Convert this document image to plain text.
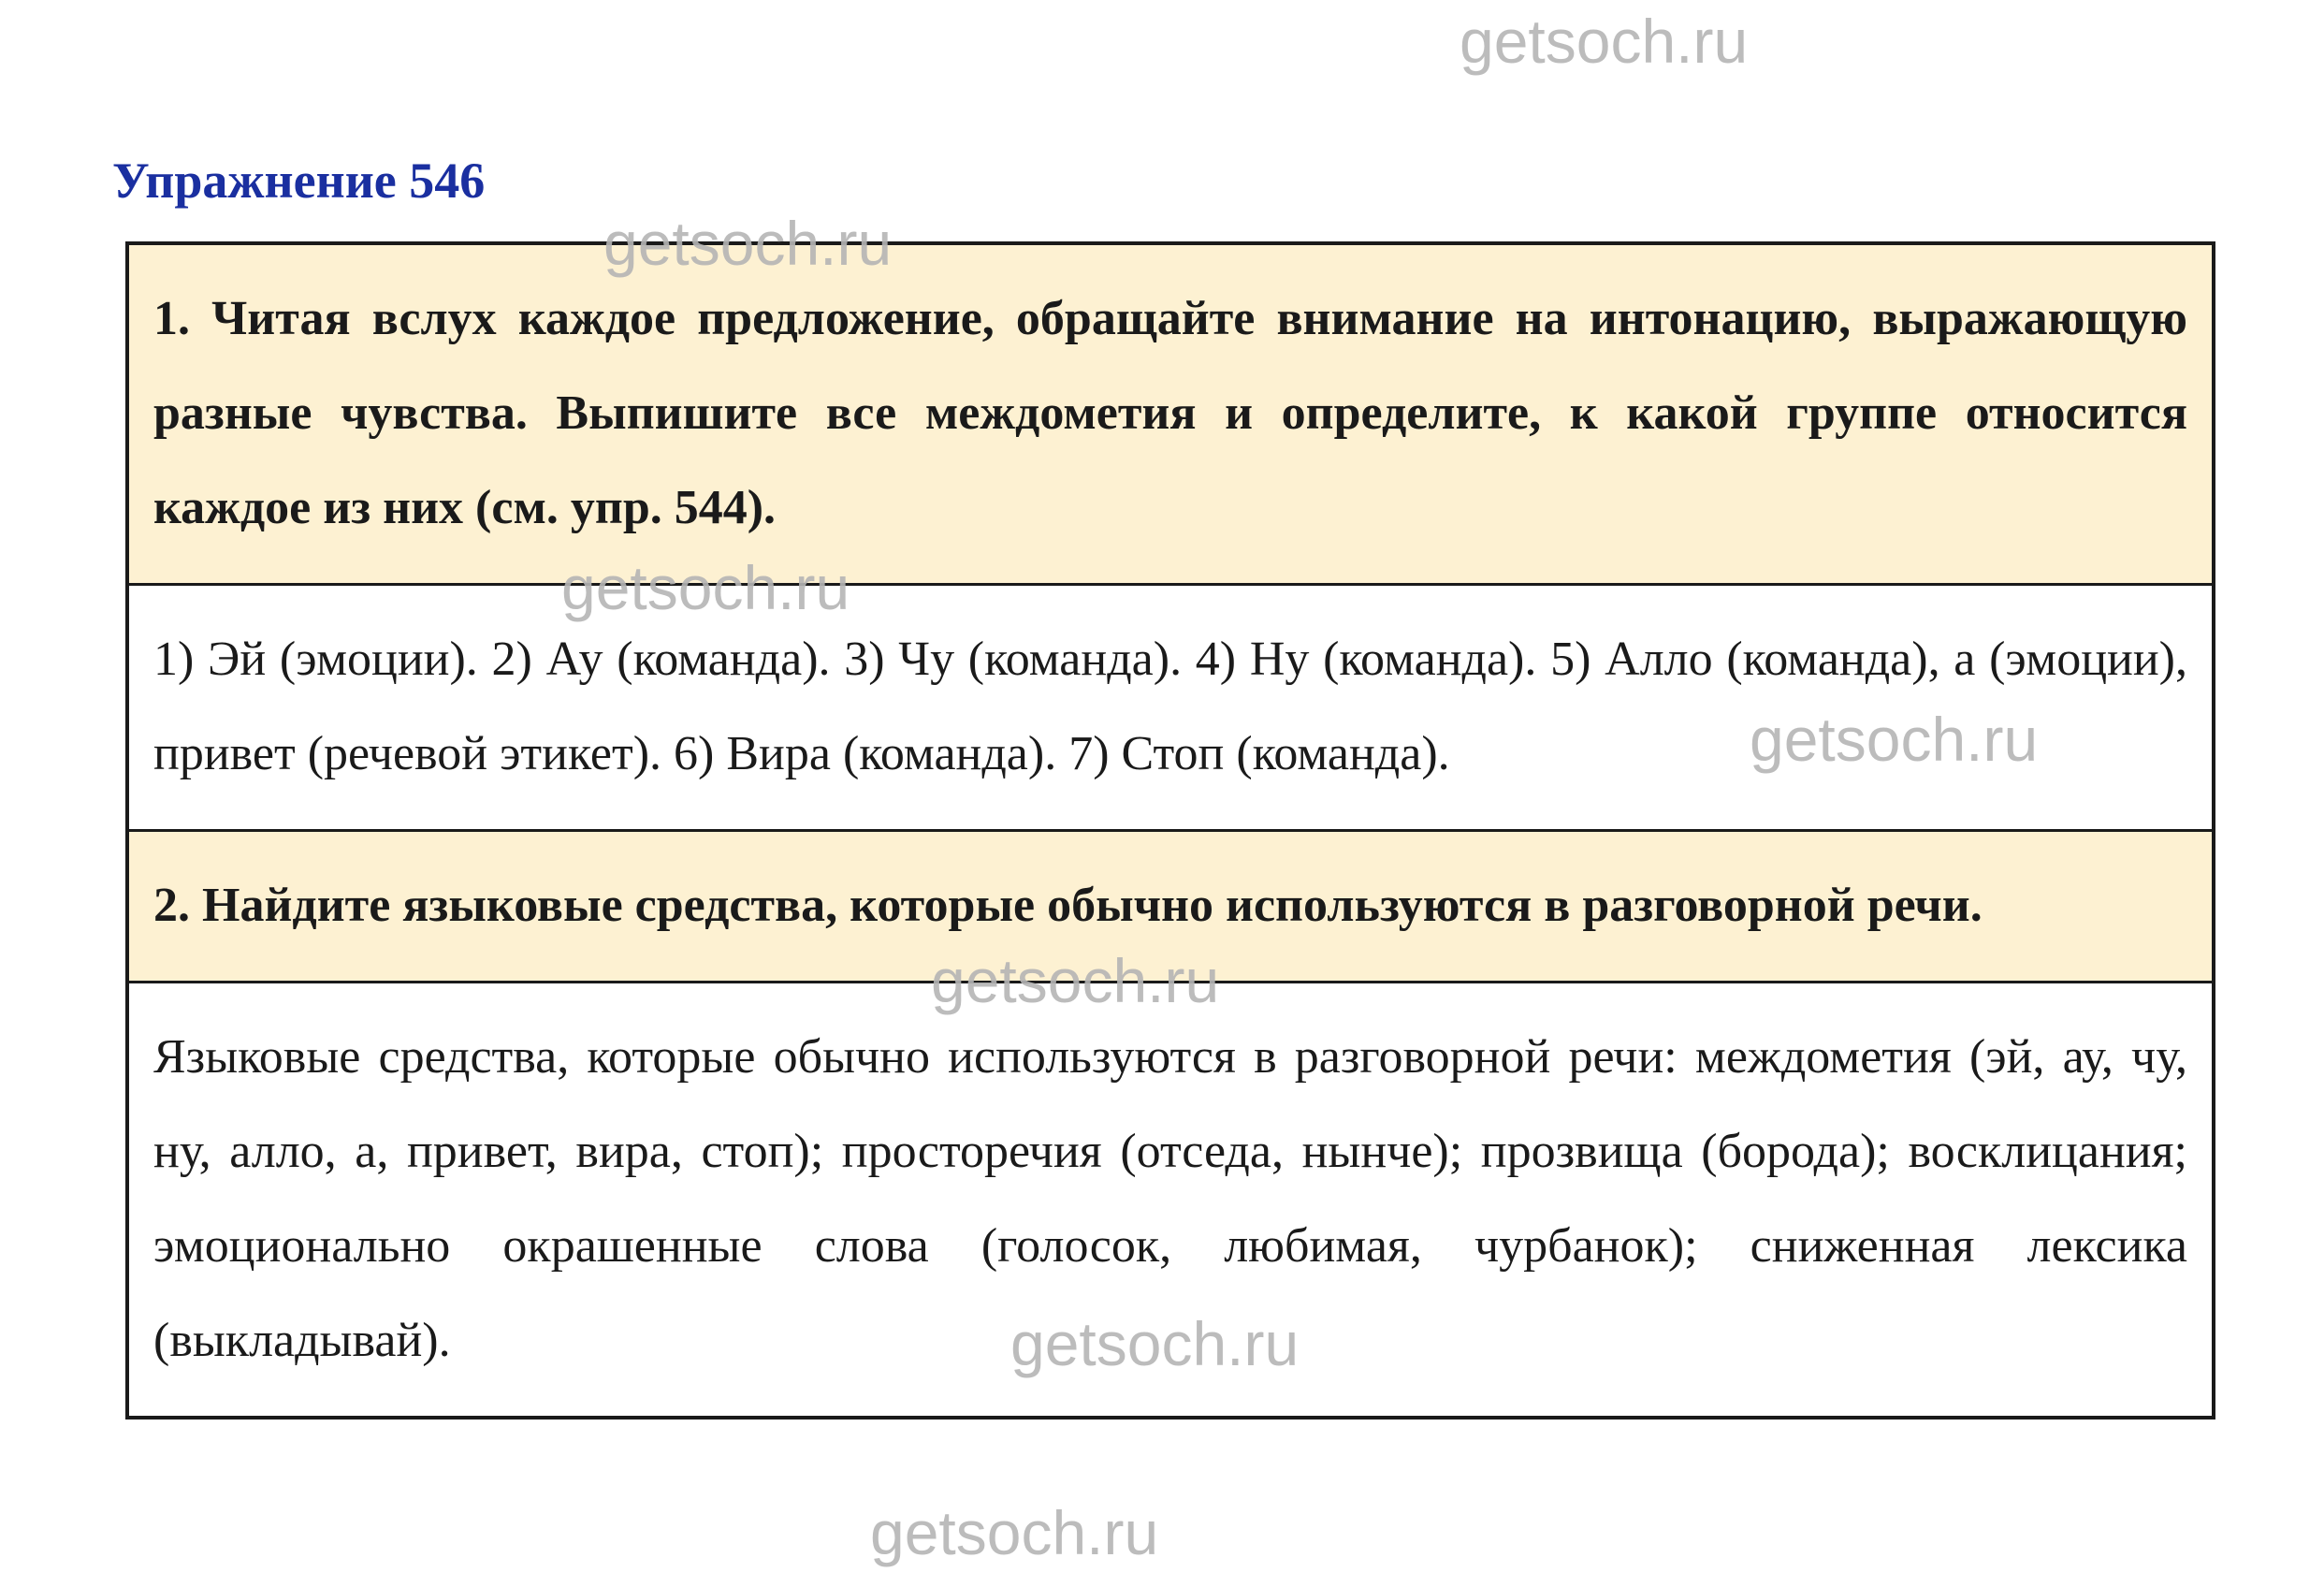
getsoch.ru
getsoch.ru
getsoch.ru
getsoch.ru
getsoch.ru
getsoch.ru
getsoch.ru
Упражнение 546
1. Читая вслух каждое предложение, обращайте внимание на интонацию, выражающую разные чувства. Выпишите все междометия и определите, к какой группе относится каждое из них (см. упр. 544).
1) Эй (эмоции). 2) Ау (команда). 3) Чу (команда). 4) Ну (команда). 5) Алло (команда), а (эмоции), привет (речевой этикет). 6) Вира (команда). 7) Стоп (команда).
2. Найдите языковые средства, которые обычно используются в разговорной речи.
Языковые средства, которые обычно используются в разговорной речи: междометия (эй, ау, чу, ну, алло, а, привет, вира, стоп); просторечия (отседа, нынче); прозвища (борода); восклицания; эмоционально окрашенные слова (голосок, любимая, чурбанок); сниженная лексика (выкладывай).
